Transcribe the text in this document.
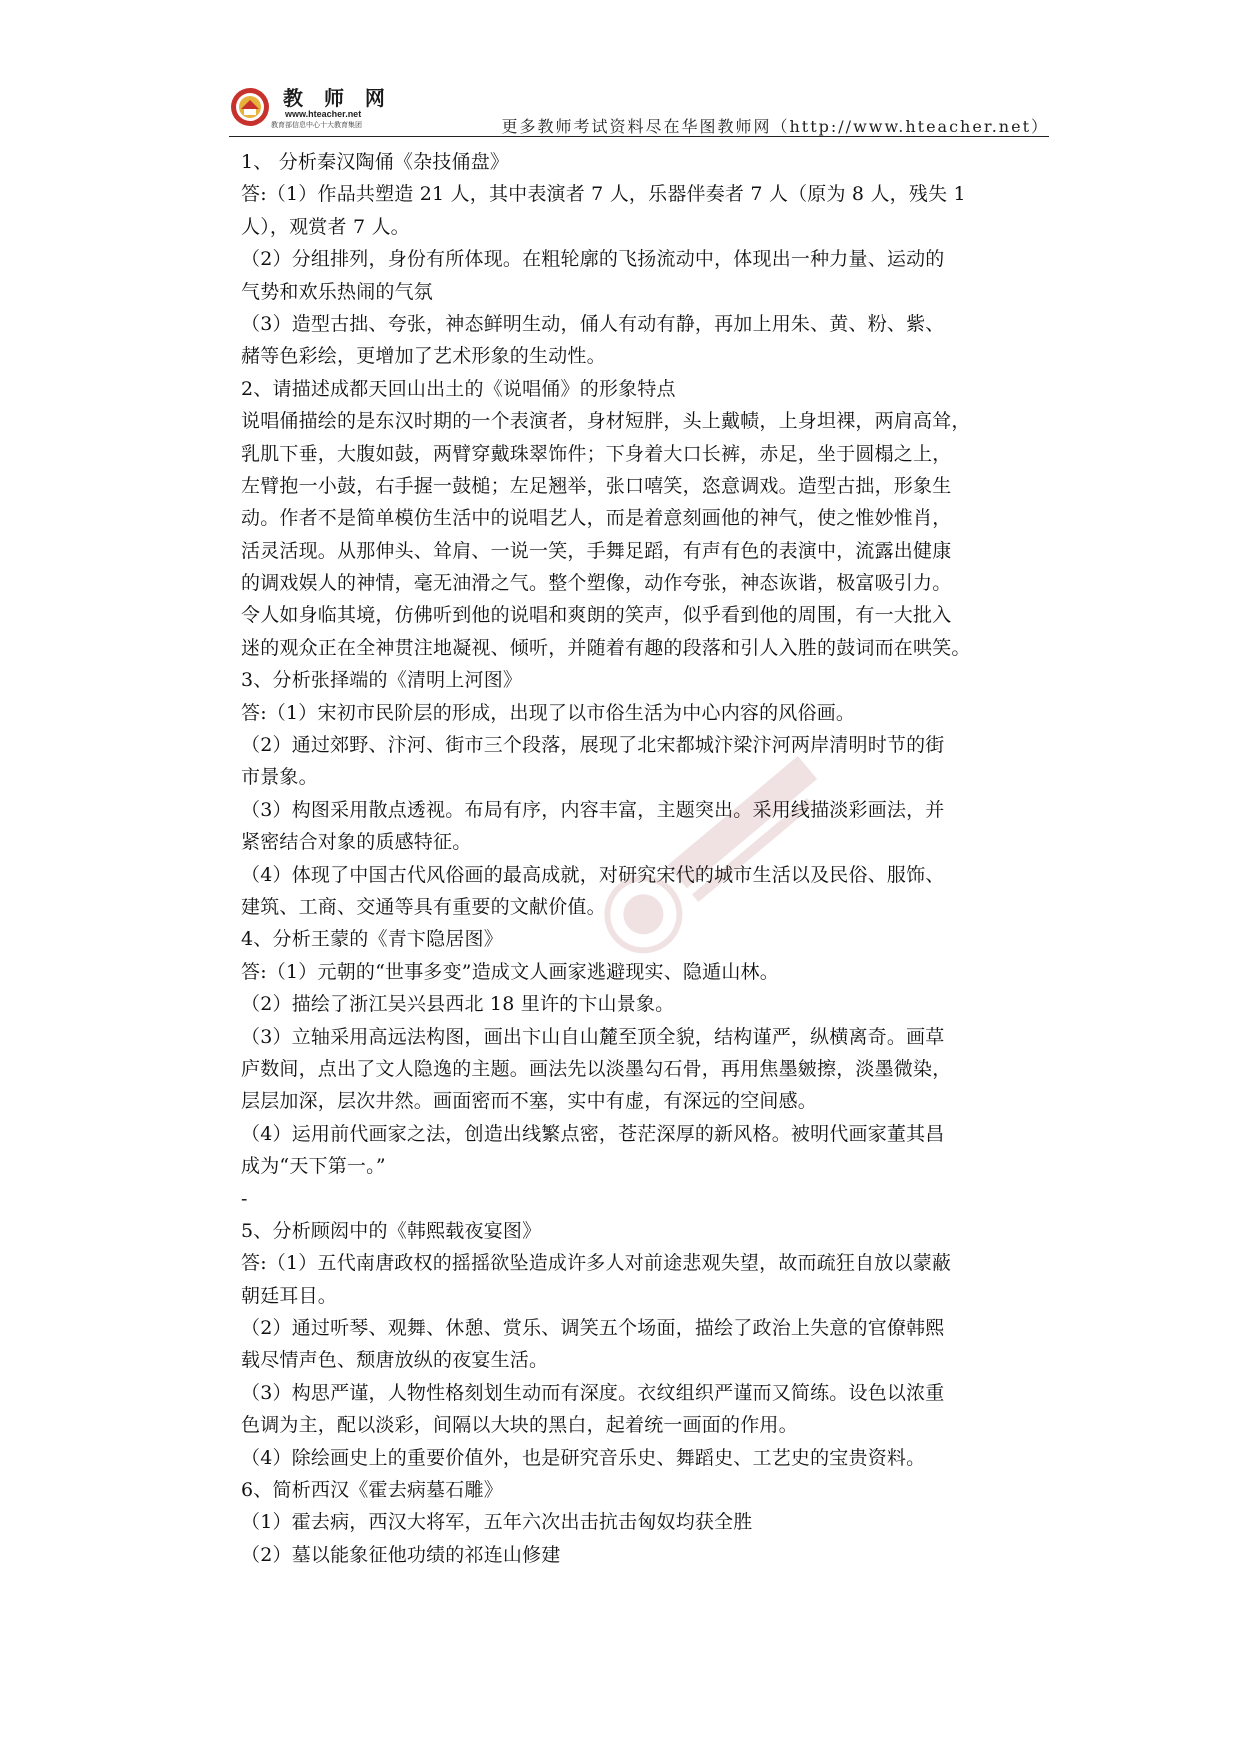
教 师 网
www.hteacher.net
教育部信息中心十大教育集团	更多教师考试资料尽在华图教师网（http://www.hteacher.net）
1、 分析秦汉陶俑《杂技俑盘》
答:（1）作品共塑造 21 人，其中表演者 7 人，乐器伴奏者 7 人（原为 8 人，残失 1
人），观赏者 7 人。
（2）分组排列，身份有所体现。在粗轮廓的飞扬流动中，体现出一种力量、运动的
气势和欢乐热闹的气氛
（3）造型古拙、夸张，神态鲜明生动，俑人有动有静，再加上用朱、黄、粉、紫、
赭等色彩绘，更增加了艺术形象的生动性。
2、请描述成都天回山出土的《说唱俑》的形象特点
说唱俑描绘的是东汉时期的一个表演者，身材短胖，头上戴帻，上身坦裸，两肩高耸，
乳肌下垂，大腹如鼓，两臂穿戴珠翠饰件；下身着大口长裤，赤足，坐于圆榻之上，
左臂抱一小鼓，右手握一鼓槌；左足翘举，张口嘻笑，恣意调戏。造型古拙，形象生
动。作者不是简单模仿生活中的说唱艺人，而是着意刻画他的神气，使之惟妙惟肖，
活灵活现。从那伸头、耸肩、一说一笑，手舞足蹈，有声有色的表演中，流露出健康
的调戏娱人的神情，毫无油滑之气。整个塑像，动作夸张，神态诙谐，极富吸引力。
令人如身临其境，仿佛听到他的说唱和爽朗的笑声，似乎看到他的周围，有一大批入
迷的观众正在全神贯注地凝视、倾听，并随着有趣的段落和引人入胜的鼓词而在哄笑。
3、分析张择端的《清明上河图》
答:（1）宋初市民阶层的形成，出现了以市俗生活为中心内容的风俗画。
（2）通过郊野、汴河、街市三个段落，展现了北宋都城汴梁汴河两岸清明时节的街
市景象。
（3）构图采用散点透视。布局有序，内容丰富，主题突出。采用线描淡彩画法，并
紧密结合对象的质感特征。
（4）体现了中国古代风俗画的最高成就，对研究宋代的城市生活以及民俗、服饰、
建筑、工商、交通等具有重要的文献价值。
4、分析王蒙的《青卞隐居图》
答:（1）元朝的“世事多变”造成文人画家逃避现实、隐遁山林。
（2）描绘了浙江吴兴县西北 18 里许的卞山景象。
（3）立轴采用高远法构图，画出卞山自山麓至顶全貌，结构谨严，纵横离奇。画草
庐数间，点出了文人隐逸的主题。画法先以淡墨勾石骨，再用焦墨皴擦，淡墨微染，
层层加深，层次井然。画面密而不塞，实中有虚，有深远的空间感。
（4）运用前代画家之法，创造出线繁点密，苍茫深厚的新风格。被明代画家董其昌
成为“天下第一。”
-
5、分析顾闳中的《韩熙载夜宴图》
答:（1）五代南唐政权的摇摇欲坠造成许多人对前途悲观失望，故而疏狂自放以蒙蔽
朝廷耳目。
（2）通过听琴、观舞、休憩、赏乐、调笑五个场面，描绘了政治上失意的官僚韩熙
载尽情声色、颓唐放纵的夜宴生活。
（3）构思严谨，人物性格刻划生动而有深度。衣纹组织严谨而又简练。设色以浓重
色调为主，配以淡彩，间隔以大块的黑白，起着统一画面的作用。
（4）除绘画史上的重要价值外，也是研究音乐史、舞蹈史、工艺史的宝贵资料。
6、简析西汉《霍去病墓石雕》
（1）霍去病，西汉大将军，五年六次出击抗击匈奴均获全胜
（2）墓以能象征他功绩的祁连山修建
